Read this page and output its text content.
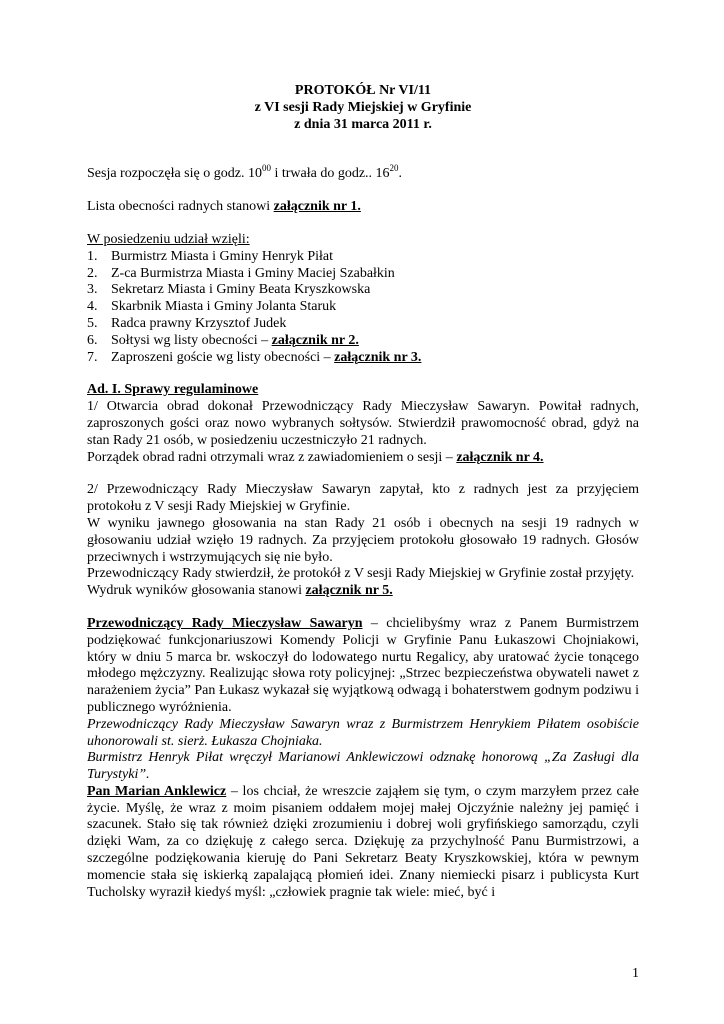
PROTOKÓŁ Nr VI/11
z VI sesji Rady Miejskiej w Gryfinie
z dnia 31 marca 2011 r.

Sesja rozpoczęła się o godz. $10^{00}$ i trwała do godz.. $16^{20}$.

Lista obecności radnych stanowi załącznik nr 1.

W posiedzeniu udział wzięli:

1. Burmistrz Miasta i Gminy Henryk Piłat
2. Z-ca Burmistrza Miasta i Gminy Maciej Szabałkin
3. Sekretarz Miasta i Gminy Beata Kryszkowska
4. Skarbnik Miasta i Gminy Jolanta Staruk
5. Radca prawny Krzysztof Judek
6. Sołtysi wg listy obecności – załącznik nr 2.
7. Zaproszeni goście wg listy obecności – załącznik nr 3.

Ad. I. Sprawy regulaminowe

1/ Otwarcia obrad dokonał Przewodniczący Rady Mieczysław Sawaryn. Powitał radnych, zaproszonych gości oraz nowo wybranych sołtysów. Stwierdził prawomocność obrad, gdyż na stan Rady 21 osób, w posiedzeniu uczestniczyło 21 radnych.

Porządek obrad radni otrzymali wraz z zawiadomieniem o sesji – załącznik nr 4.

2/ Przewodniczący Rady Mieczysław Sawaryn zapytał, kto z radnych jest za przyjęciem protokołu z V sesji Rady Miejskiej w Gryfinie.

W wyniku jawnego głosowania na stan Rady 21 osób i obecnych na sesji 19 radnych w głosowaniu udział wzięło 19 radnych. Za przyjęciem protokołu głosowało 19 radnych. Głosów przeciwnych i wstrzymujących się nie było.

Przewodniczący Rady stwierdził, że protokół z V sesji Rady Miejskiej w Gryfinie został przyjęty.

Wydruk wyników głosowania stanowi załącznik nr 5.

Przewodniczący Rady Mieczysław Sawaryn – chcielibyśmy wraz z Panem Burmistrzem podziękować funkcjonariuszowi Komendy Policji w Gryfinie Panu Łukaszowi Chojniakowi, który w dniu 5 marca br. wskoczył do lodowatego nurtu Regalicy, aby uratować życie tonącego młodego mężczyzny. Realizując słowa roty policyjnej: „Strzec bezpieczeństwa obywateli nawet z narażeniem życia” Pan Łukasz wykazał się wyjątkową odwagą i bohaterstwem godnym podziwu i publicznego wyróżnienia.

Przewodniczący Rady Mieczysław Sawaryn wraz z Burmistrzem Henrykiem Piłatem osobiście uhonorowali st. sierż. Łukasza Chojniaka.

Burmistrz Henryk Piłat wręczył Marianowi Anklewiczowi odznakę honorową „Za Zasługi dla Turystyki”.

Pan Marian Anklewicz – los chciał, że wreszcie zająłem się tym, o czym marzyłem przez całe życie. Myślę, że wraz z moim pisaniem oddałem mojej małej Ojczyźnie należny jej pamięć i szacunek. Stało się tak również dzięki zrozumieniu i dobrej woli gryfińskiego samorządu, czyli dzięki Wam, za co dziękuję z całego serca. Dziękuję za przychylność Panu Burmistrzowi, a szczególne podziękowania kieruję do Pani Sekretarz Beaty Kryszkowskiej, która w pewnym momencie stała się iskierką zapalającą płomień idei. Znany niemiecki pisarz i publicysta Kurt Tucholsky wyraził kiedyś myśl: „człowiek pragnie tak wiele: mieć, być i

1
